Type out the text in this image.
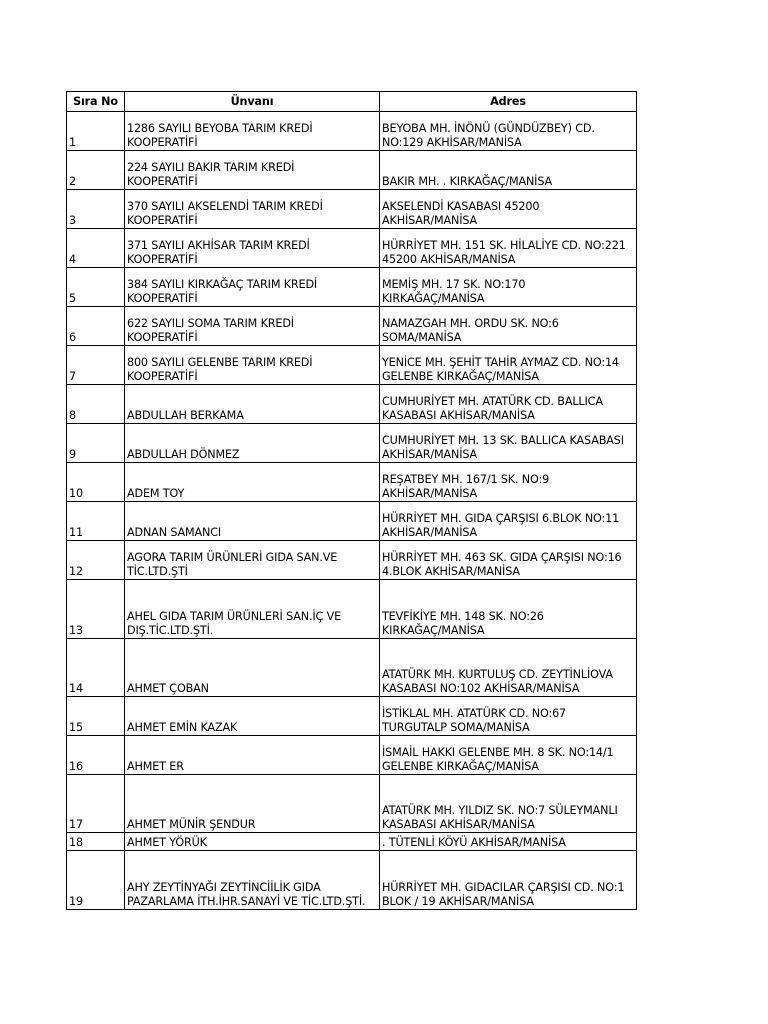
Sıra No	Ünvanı	Adres
1	1286 SAYILI BEYOBA TARIM KREDİ
KOOPERATİFİ	BEYOBA MH. İNÖNÜ (GÜNDÜZBEY) CD.
NO:129 AKHİSAR/MANİSA

2	224 SAYILI BAKIR TARIM KREDİ
KOOPERATİFİ	BAKIR MH. . KIRKAĞAÇ/MANİSA

3	370 SAYILI AKSELENDİ TARIM KREDİ
KOOPERATİFİ	AKSELENDİ KASABASI 45200
AKHİSAR/MANİSA

4	371 SAYILI AKHİSAR TARIM KREDİ
KOOPERATİFİ	HÜRRİYET MH. 151 SK. HİLALİYE CD. NO:221
45200 AKHİSAR/MANİSA

5	384 SAYILI KIRKAĞAÇ TARIM KREDİ
KOOPERATİFİ	MEMİŞ MH. 17 SK. NO:170
KIRKAĞAÇ/MANİSA

6	622 SAYILI SOMA TARIM KREDİ
KOOPERATİFİ	NAMAZGAH MH. ORDU SK. NO:6
SOMA/MANİSA

7	800 SAYILI GELENBE TARIM KREDİ
KOOPERATİFİ	YENİCE MH. ŞEHİT TAHİR AYMAZ CD. NO:14
GELENBE KIRKAĞAÇ/MANİSA

8	ABDULLAH BERKAMA	CUMHURİYET MH. ATATÜRK CD. BALLICA
KASABASI AKHİSAR/MANİSA

9	ABDULLAH DÖNMEZ	CUMHURİYET MH. 13 SK. BALLICA KASABASI
AKHİSAR/MANİSA

10	ADEM TOY	REŞATBEY MH. 167/1 SK. NO:9
AKHİSAR/MANİSA

11	ADNAN SAMANCI	HÜRRİYET MH. GIDA ÇARŞISI 6.BLOK NO:11
AKHİSAR/MANİSA

12	AGORA TARIM ÜRÜNLERİ GIDA SAN.VE
TİC.LTD.ŞTİ	HÜRRİYET MH. 463 SK. GIDA ÇARŞISI NO:16
4.BLOK AKHİSAR/MANİSA

13	AHEL GIDA TARIM ÜRÜNLERİ SAN.İÇ VE
DIŞ.TİC.LTD.ŞTİ.	TEVFİKİYE MH. 148 SK. NO:26
KIRKAĞAÇ/MANİSA

14	AHMET ÇOBAN	ATATÜRK MH. KURTULUŞ CD. ZEYTİNLİOVA
KASABASI NO:102 AKHİSAR/MANİSA

15	AHMET EMİN KAZAK	İSTİKLAL MH. ATATÜRK CD. NO:67
TURGUTALP SOMA/MANİSA

16	AHMET ER	İSMAİL HAKKI GELENBE MH. 8 SK. NO:14/1
GELENBE KIRKAĞAÇ/MANİSA

17	AHMET MÜNİR ŞENDUR	ATATÜRK MH. YILDIZ SK. NO:7 SÜLEYMANLI
KASABASI AKHİSAR/MANİSA

18	AHMET YÖRÜK	. TÜTENLİ KÖYÜ AKHİSAR/MANİSA

19	AHY ZEYTİNYAĞI ZEYTİNCİİLİK GIDA
PAZARLAMA İTH.İHR.SANAYİ VE TİC.LTD.ŞTİ.	HÜRRİYET MH. GIDACILAR ÇARŞISI CD. NO:1
BLOK / 19 AKHİSAR/MANİSA
